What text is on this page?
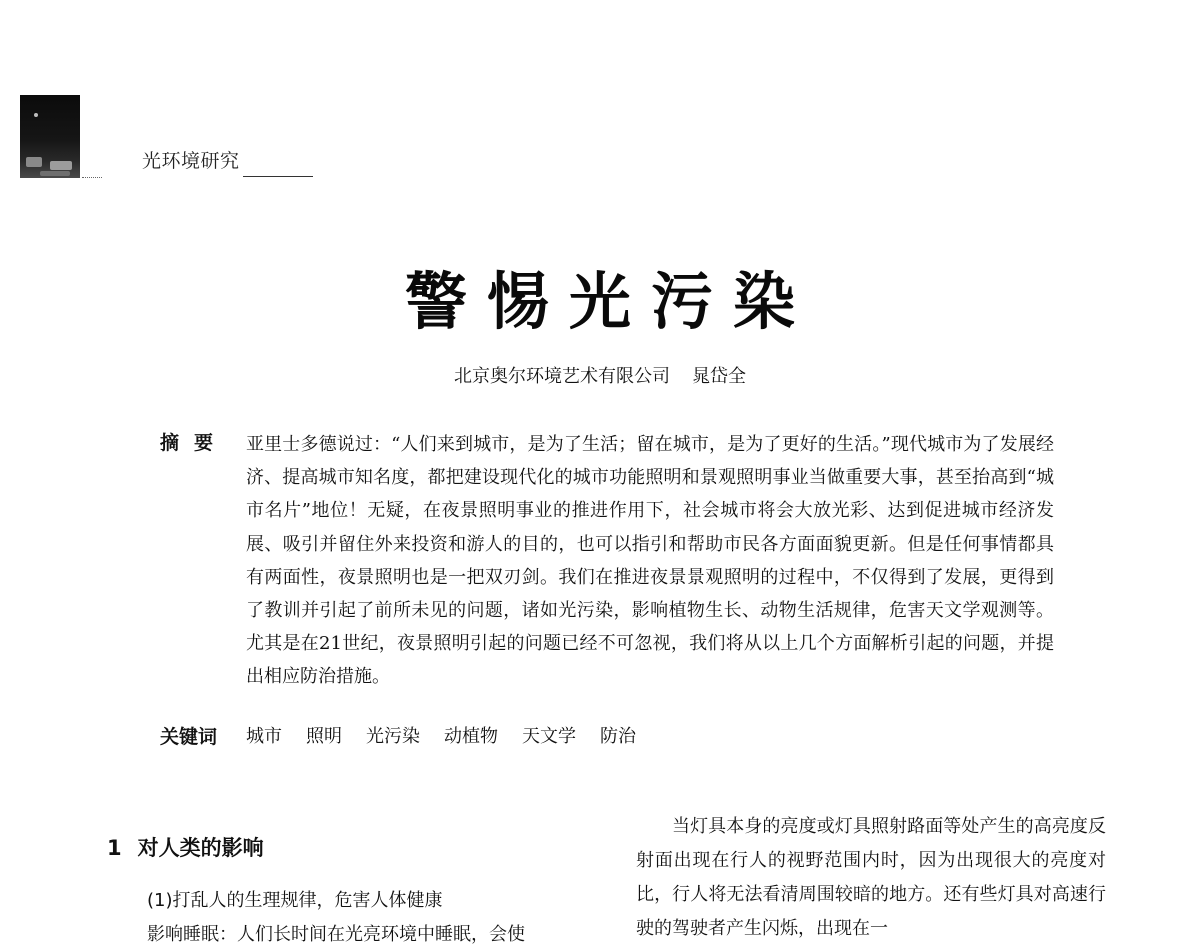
光环境研究
警惕光污染
北京奥尔环境艺术有限公司 晁岱全
摘要 亚里士多德说过：“人们来到城市，是为了生活；留在城市，是为了更好的生活。”现代城市为了发展经济、提高城市知名度，都把建设现代化的城市功能照明和景观照明事业当做重要大事，甚至抬高到“城市名片”地位！无疑，在夜景照明事业的推进作用下，社会城市将会大放光彩、达到促进城市经济发展、吸引并留住外来投资和游人的目的，也可以指引和帮助市民各方面面貌更新。但是任何事情都具有两面性，夜景照明也是一把双刃剑。我们在推进夜景景观照明的过程中，不仅得到了发展，更得到了教训并引起了前所未见的问题，诸如光污染，影响植物生长、动物生活规律，危害天文学观测等。尤其是在21世纪，夜景照明引起的问题已经不可忽视，我们将从以上几个方面解析引起的问题，并提出相应防治措施。
关键词 城市 照明 光污染 动植物 天文学 防治
1 对人类的影响

(1)打乱人的生理规律，危害人体健康

影响睡眠：人们长时间在光亮环境中睡眠，会使

当灯具本身的亮度或灯具照射路面等处产生的高亮度反射面出现在行人的视野范围内时，因为出现很大的亮度对比，行人将无法看清周围较暗的地方。还有些灯具对高速行驶的驾驶者产生闪烁，出现在一
